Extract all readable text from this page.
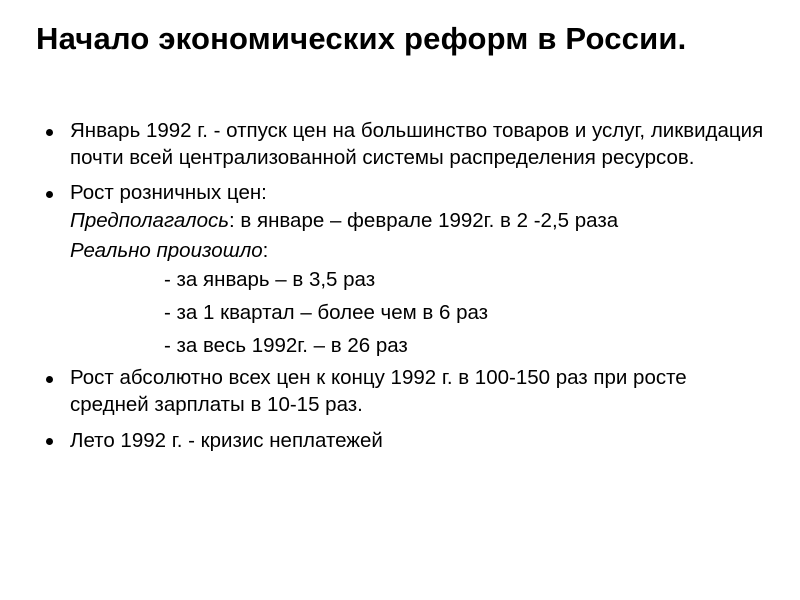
Начало экономических реформ в России.
Январь 1992 г. - отпуск цен на большинство товаров и услуг, ликвидация почти всей централизованной системы распределения ресурсов.
Рост розничных цен:
Предполагалось: в январе – феврале 1992г. в 2 -2,5 раза
Реально произошло:
- за январь – в 3,5 раз
- за 1 квартал – более чем в 6 раз
- за весь 1992г. – в 26 раз
Рост абсолютно всех цен к концу 1992 г. в 100-150 раз при росте средней зарплаты в 10-15 раз.
Лето 1992 г. - кризис неплатежей
